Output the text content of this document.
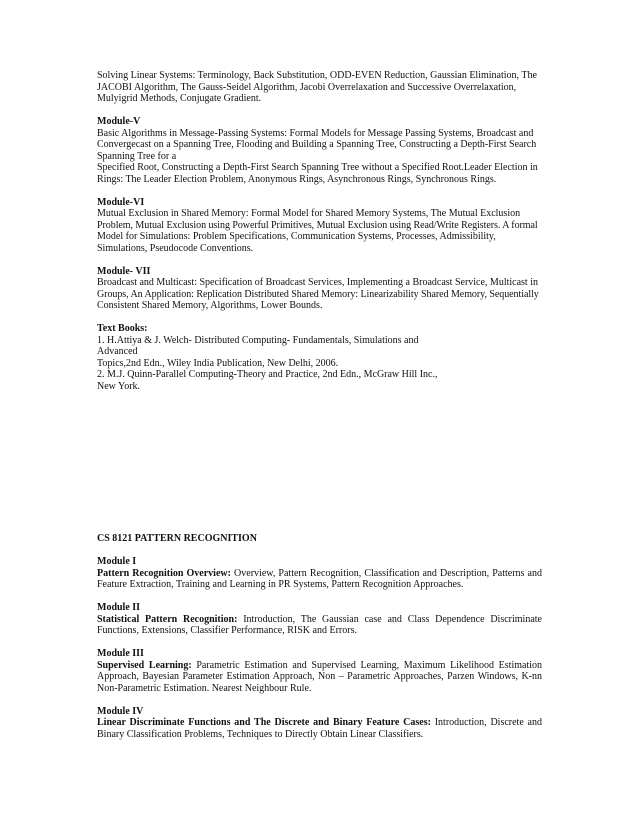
Solving Linear Systems: Terminology, Back Substitution, ODD-EVEN Reduction, Gaussian Elimination, The
JACOBI Algorithm, The Gauss-Seidel Algorithm, Jacobi Overrelaxation and Successive Overrelaxation,
Mulyigrid Methods, Conjugate Gradient.
Module-V
Basic Algorithms in Message-Passing Systems: Formal Models for Message Passing Systems, Broadcast and
Convergecast on a Spanning Tree, Flooding and Building a Spanning Tree, Constructing a Depth-First Search
Spanning Tree for a
Specified Root, Constructing a Depth-First Search Spanning Tree without a Specified Root.Leader Election in
Rings: The Leader Election Problem, Anonymous Rings, Asynchronous Rings, Synchronous Rings.
Module-VI
Mutual Exclusion in Shared Memory: Formal Model for Shared Memory Systems, The Mutual Exclusion
Problem, Mutual Exclusion using Powerful Primitives, Mutual Exclusion using Read/Write Registers. A formal
Model for Simulations: Problem Specifications, Communication Systems, Processes, Admissibility,
Simulations, Pseudocode Conventions.
Module- VII
Broadcast and Multicast: Specification of Broadcast Services, Implementing a Broadcast Service, Multicast in
Groups, An Application: Replication Distributed Shared Memory: Linearizability Shared Memory, Sequentially
Consistent Shared Memory, Algorithms, Lower Bounds.
Text Books:
1. H.Attiya & J. Welch- Distributed Computing- Fundamentals, Simulations and
Advanced
Topics,2nd Edn., Wiley India Publication, New Delhi, 2006.
2. M.J. Quinn-Parallel Computing-Theory and Practice, 2nd Edn., McGraw Hill Inc.,
New York.
CS 8121 PATTERN RECOGNITION
Module I

Pattern Recognition Overview: Overview, Pattern Recognition, Classification and Description, Patterns and Feature Extraction, Training and Learning in PR Systems, Pattern Recognition Approaches.

Module II

Statistical Pattern Recognition: Introduction, The Gaussian case and Class Dependence Discriminate Functions, Extensions, Classifier Performance, RISK and Errors.

Module III

Supervised Learning: Parametric Estimation and Supervised Learning, Maximum Likelihood Estimation Approach, Bayesian Parameter Estimation Approach, Non – Parametric Approaches, Parzen Windows, K-nn Non-Parametric Estimation. Nearest Neighbour Rule.

Module IV

Linear Discriminate Functions and The Discrete and Binary Feature Cases: Introduction, Discrete and Binary Classification Problems, Techniques to Directly Obtain Linear Classifiers.
